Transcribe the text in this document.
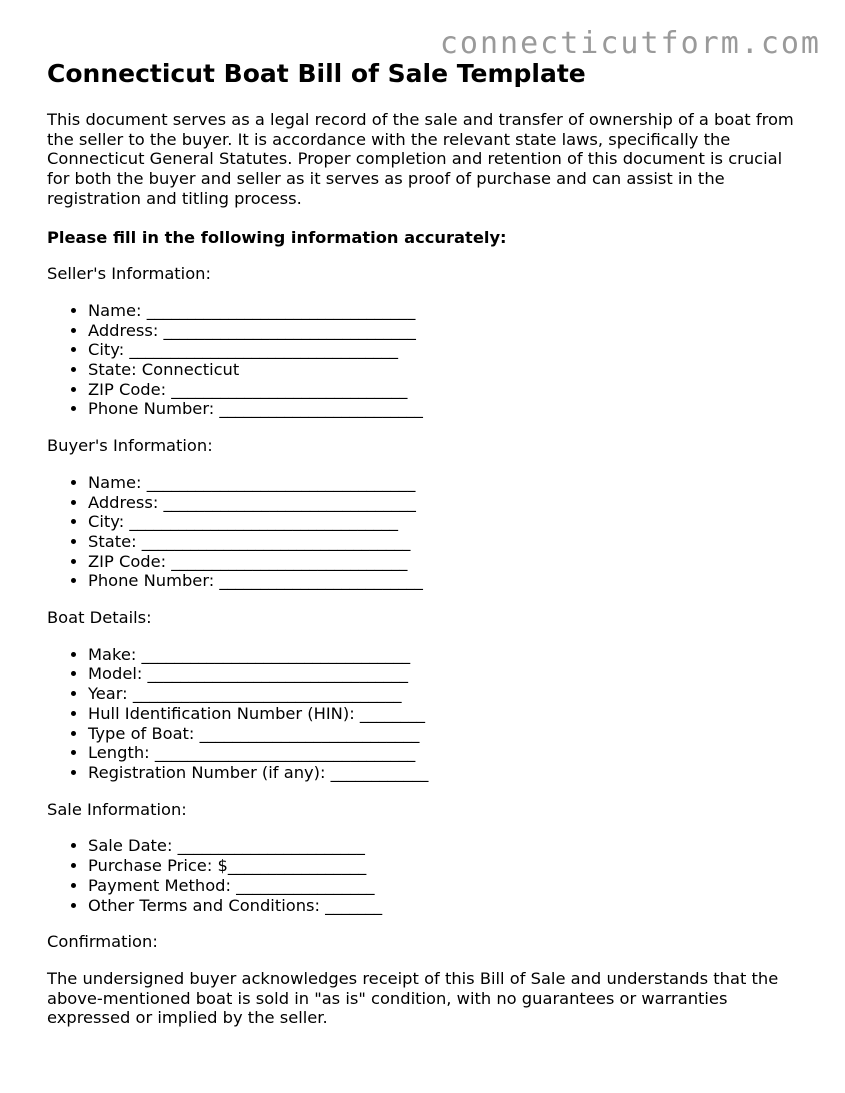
connecticutform.com
Connecticut Boat Bill of Sale Template

This document serves as a legal record of the sale and transfer of ownership of a boat from the seller to the buyer. It is accordance with the relevant state laws, specifically the Connecticut General Statutes. Proper completion and retention of this document is crucial for both the buyer and seller as it serves as proof of purchase and can assist in the registration and titling process.

Please fill in the following information accurately:

Seller's Information:

• Name: _________________________________
• Address: _______________________________
• City: _________________________________
• State: Connecticut
• ZIP Code: _____________________________
• Phone Number: _________________________

Buyer's Information:

• Name: _________________________________
• Address: _______________________________
• City: _________________________________
• State: _________________________________
• ZIP Code: _____________________________
• Phone Number: _________________________

Boat Details:

• Make: _________________________________
• Model: ________________________________
• Year: _________________________________
• Hull Identification Number (HIN): ________
• Type of Boat: ___________________________
• Length: ________________________________
• Registration Number (if any): ____________

Sale Information:

• Sale Date: _______________________
• Purchase Price: $_________________
• Payment Method: _________________
• Other Terms and Conditions: _______

Confirmation:

The undersigned buyer acknowledges receipt of this Bill of Sale and understands that the above-mentioned boat is sold in "as is" condition, with no guarantees or warranties expressed or implied by the seller.
